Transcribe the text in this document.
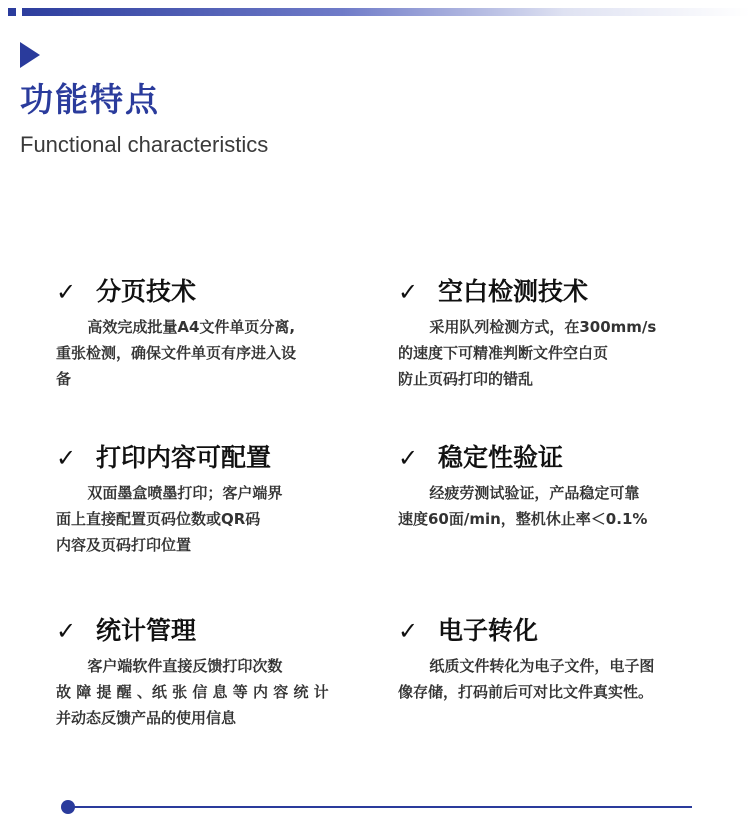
功能特点
Functional characteristics
✓ 分页技术
高效完成批量A4文件单页分离,
重张检测，确保文件单页有序进入设
备
✓ 空白检测技术
采用队列检测方式，在300mm/s
的速度下可精准判断文件空白页
防止页码打印的错乱
✓ 打印内容可配置
双面墨盒喷墨打印；客户端界
面上直接配置页码位数或QR码
内容及页码打印位置
✓ 稳定性验证
经疲劳测试验证，产品稳定可靠
速度60面/min，整机休止率＜0.1%
✓ 统计管理
客户端软件直接反馈打印次数
故 障 提 醒 、纸 张 信 息 等 内 容 统 计
并动态反馈产品的使用信息
✓ 电子转化
纸质文件转化为电子文件，电子图
像存储，打码前后可对比文件真实性。
